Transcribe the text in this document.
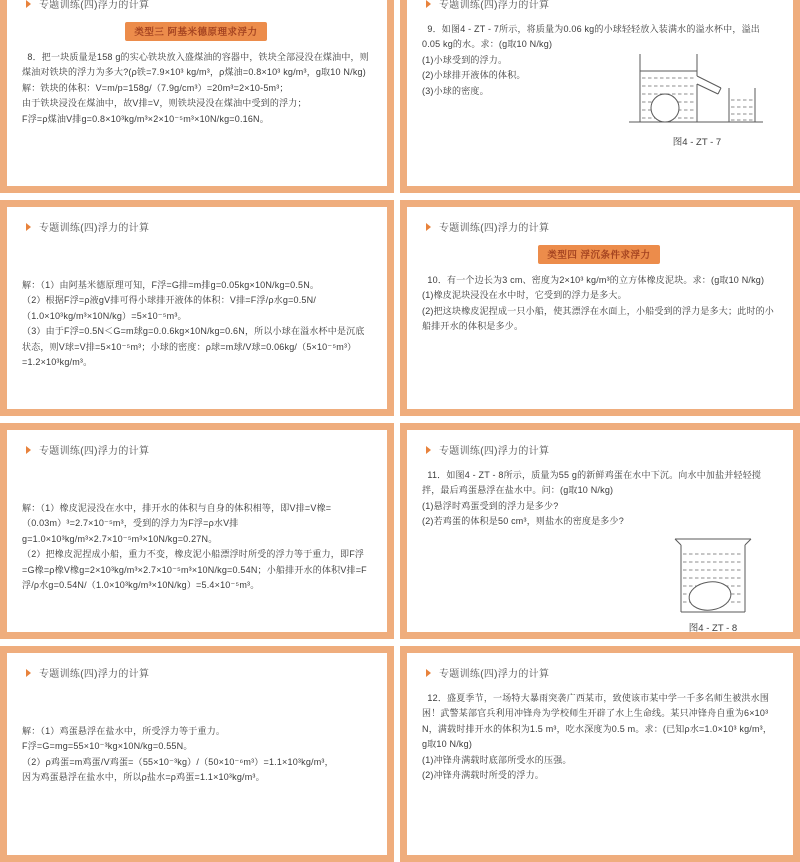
专题训练(四)浮力的计算
类型三 阿基米德原理求浮力

8．把一块质量是158 g的实心铁块放入盛煤油的容器中，铁块全部浸没在煤油中，则煤油对铁块的浮力为多大?(ρ铁=7.9×10³ kg/m³，ρ煤油=0.8×10³ kg/m³，g取10 N/kg)

解：铁块的体积：V=m/p=158g/（7.9g/cm³）=20m³=2×10-5m³；

由于铁块浸没在煤油中，故V排=V，则铁块浸没在煤油中受到的浮力；

F浮=ρ煤油V排g=0.8×10³kg/m³×2×10⁻⁵m³×10N/kg=0.16N。

专题训练(四)浮力的计算

9．如图4 - ZT - 7所示，将质量为0.06 kg的小球轻轻放入装满水的溢水杯中，溢出0.05 kg的水。求：(g取10 N/kg)

(1)小球受到的浮力。

(2)小球排开液体的体积。

(3)小球的密度。

图4 - ZT - 7
专题训练(四)浮力的计算

解：（1）由阿基米德原理可知，F浮=G排=m排g=0.05kg×10N/kg=0.5N。

（2）根据F浮=ρ液gV排可得小球排开液体的体积：V排=F浮/ρ水g=0.5N/（1.0×10³kg/m³×10N/kg）=5×10⁻⁵m³。

（3）由于F浮=0.5N＜G=m球g=0.0.6kg×10N/kg=0.6N，所以小球在溢水杯中是沉底状态，则V球=V排=5×10⁻⁵m³；小球的密度：ρ球=m球/V球=0.06kg/（5×10⁻⁵m³）=1.2×10³kg/m³。

专题训练(四)浮力的计算
类型四 浮沉条件求浮力

10．有一个边长为3 cm、密度为2×10³ kg/m³的立方体橡皮泥块。求：(g取10 N/kg)

(1)橡皮泥块浸没在水中时，它受到的浮力是多大。

(2)把这块橡皮泥捏成一只小船，使其漂浮在水面上，小船受到的浮力是多大；此时的小船排开水的体积是多少。

专题训练(四)浮力的计算

解：（1）橡皮泥浸没在水中，排开水的体积与自身的体积相等，即V排=V橡=（0.03m）³=2.7×10⁻⁵m³，受到的浮力为F浮=ρ水V排g=1.0×10³kg/m³×2.7×10⁻⁵m³×10N/kg=0.27N。

（2）把橡皮泥捏成小船，重力不变，橡皮泥小船漂浮时所受的浮力等于重力，即F浮=G橡=ρ橡V橡g=2×10³kg/m³×2.7×10⁻⁵m³×10N/kg=0.54N；小船排开水的体积V排=F浮/ρ水g=0.54N/（1.0×10³kg/m³×10N/kg）=5.4×10⁻⁵m³。

专题训练(四)浮力的计算

11．如图4 - ZT - 8所示，质量为55 g的新鲜鸡蛋在水中下沉。向水中加盐并轻轻搅拌，最后鸡蛋悬浮在盐水中。问：(g取10 N/kg)

(1)悬浮时鸡蛋受到的浮力是多少?

(2)若鸡蛋的体积是50 cm³，则盐水的密度是多少?

图4 - ZT - 8
专题训练(四)浮力的计算

解：（1）鸡蛋悬浮在盐水中，所受浮力等于重力。

F浮=G=mg=55×10⁻³kg×10N/kg=0.55N。

（2）ρ鸡蛋=m鸡蛋/V鸡蛋=（55×10⁻³kg）/（50×10⁻⁶m³）=1.1×10³kg/m³，

因为鸡蛋悬浮在盐水中，所以ρ盐水=ρ鸡蛋=1.1×10³kg/m³。

专题训练(四)浮力的计算

12．盛夏季节，一场特大暴雨突袭广西某市，致使该市某中学一千多名师生被洪水围困！武警某部官兵利用冲锋舟为学校师生开辟了水上生命线。某只冲锋舟自重为6×10³ N，满载时排开水的体积为1.5 m³，吃水深度为0.5 m。求：(已知ρ水=1.0×10³ kg/m³，g取10 N/kg)

(1)冲锋舟满载时底部所受水的压强。

(2)冲锋舟满载时所受的浮力。
